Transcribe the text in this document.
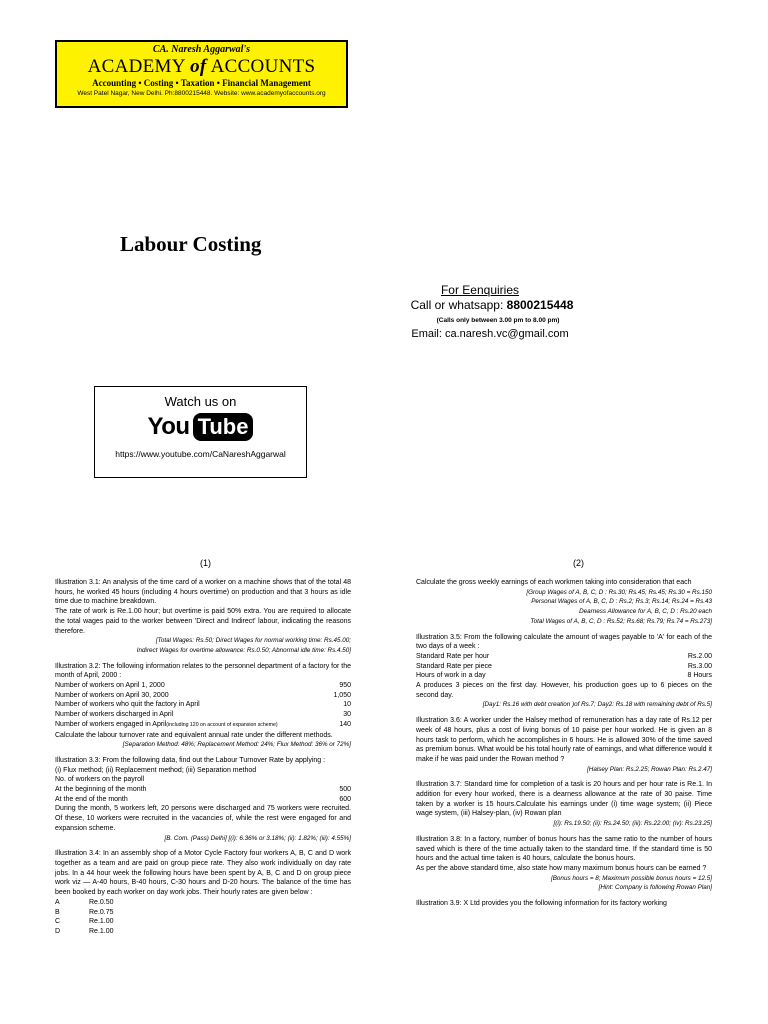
CA. Naresh Aggarwal's
ACADEMY of ACCOUNTS
Accounting • Costing • Taxation • Financial Management
West Patel Nagar, New Delhi. Ph:8800215448. Website: www.academyofaccounts.org
Labour Costing
For Eenquiries
Call or whatsapp: 8800215448
(Calls only between 3.00 pm to 8.00 pm)
Email: ca.naresh.vc@gmail.com
Watch us on
You Tube
https://www.youtube.com/CaNareshAggarwal
(1)	(2)

Illustration 3.1: An analysis of the time card of a worker on a machine shows that of the total 48 hours, he worked 45 hours (including 4 hours overtime) on production and that 3 hours as idle time due to machine breakdown.

The rate of work is Re.1.00 hour; but overtime is paid 50% extra. You are required to allocate the total wages paid to the worker between 'Direct and Indirect' labour, indicating the reasons therefore.

[Total Wages: Rs.50; Direct Wages for normal working time: Rs.45.00;
Indirect Wages for overtime allowance: Rs.0.50; Abnormal idle time: Rs.4.50]

Illustration 3.2: The following information relates to the personnel department of a factory for the month of April, 2000 :

Number of workers on April 1, 2000	950
Number of workers on April 30, 2000	1,050
Number of workers who quit the factory in April	10
Number of workers discharged in April	30
Number of workers engaged in April(including 120 on account of expansion scheme)	140

Calculate the labour turnover rate and equivalent annual rate under the different methods.

[Separation Method: 48%; Replacement Method: 24%; Flux Method: 36% or 72%]

Illustration 3.3: From the following data, find out the Labour Turnover Rate by applying :

(i) Flux method; (ii) Replacement method; (iii) Separation method

No. of workers on the payroll

At the beginning of the month	500
At the end of the month	600

During the month, 5 workers left, 20 persons were discharged and 75 workers were recruited. Of these, 10 workers were recruited in the vacancies of, while the rest were engaged for and expansion scheme.

[B. Com. (Pass) Delhi] [(i): 6.36% or 3.18%; (ii): 1.82%; (iii): 4.55%]

Illustration 3.4: In an assembly shop of a Motor Cycle Factory four workers A, B, C and D work together as a team and are paid on group piece rate. They also work individually on day rate jobs. In a 44 hour week the following hours have been spent by A, B, C and D on group piece work viz — A-40 hours, B-40 hours, C-30 hours and D-20 hours. The balance of the time has been booked by each worker on day work jobs. Their hourly rates are given below :

A	Re.0.50
B	Re.0.75
C	Re.1.00
D	Re.1.00

Calculate the gross weekly earnings of each workmen taking into consideration that each

[Group Wages of A, B, C, D : Rs.30; Rs.45; Rs.45; Rs.30 = Rs.150
Personal Wages of A, B, C, D : Rs.2; Rs.3; Rs.14; Rs.24 = Rs.43
Dearness Allowance for A, B, C, D : Rs.20 each
Total Wages of A, B, C, D : Rs.52; Rs.68; Rs.79; Rs.74 = Rs.273]

Illustration 3.5: From the following calculate the amount of wages payable to 'A' for each of the two days of a week :

Standard Rate per hour	Rs.2.00
Standard Rate per piece	Rs.3.00
Hours of work in a day	8 Hours

A produces 3 pieces on the first day. However, his production goes up to 6 pieces on the second day.

[Day1: Rs.16 with debt creation )of Rs.7; Day2: Rs.18 with remaining debt of Rs.5]

Illustration 3.6: A worker under the Halsey method of remuneration has a day rate of Rs.12 per week of 48 hours, plus a cost of living bonus of 10 paise per hour worked. He is given an 8 hours task to perform, which he accomplishes in 6 hours. He is allowed 30% of the time saved as premium bonus. What would be his total hourly rate of earnings, and what difference would it make if he was paid under the Rowan method ?

[Halsey Plan: Rs.2.25; Rowan Plan: Rs.2.47]

Illustration 3.7: Standard time for completion of a task is 20 hours and per hour rate is Re.1. In addition for every hour worked, there is a dearness allowance at the rate of 30 paise. Time taken by a worker is 15 hours.Calculate his earnings under (i) time wage system; (ii) Piece wage system, (iii) Halsey-plan, (iv) Rowan plan

[(i): Rs.19.50; (ii): Rs.24.50; (iii): Rs.22.00; (iv): Rs.23.25]

Illustration 3.8: In a factory, number of bonus hours has the same ratio to the number of hours saved which is there of the time actually taken to the standard time. If the standard time is 50 hours and the actual time taken is 40 hours, calculate the bonus hours.

As per the above standard time, also state how many maximum bonus hours can be earned ?

[Bonus hours = 8; Maximum possible bonus hours = 12.5]
[Hint: Company is following Rowan Plan]

Illustration 3.9: X Ltd provides you the following information for its factory working
